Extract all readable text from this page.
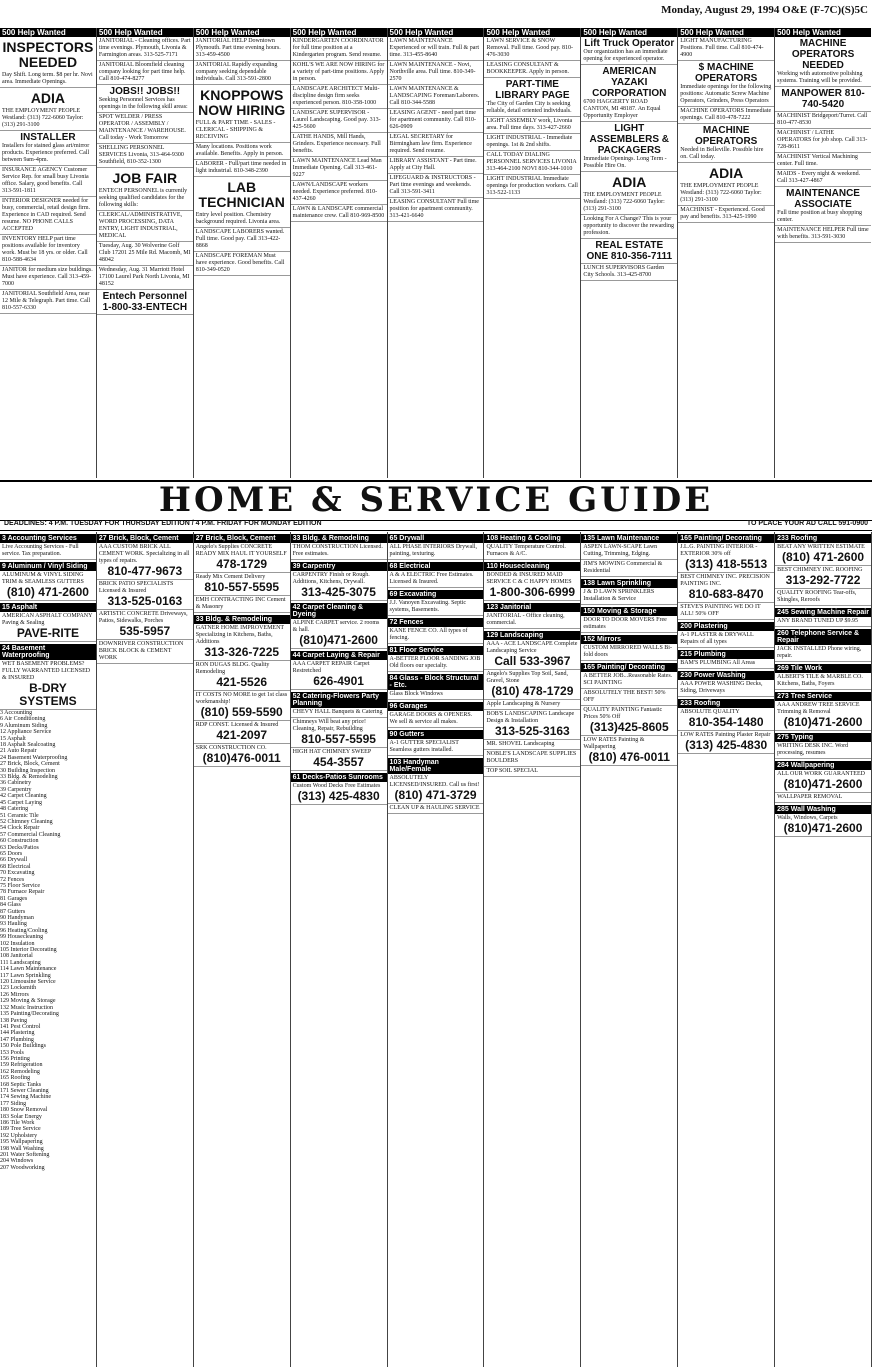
Monday, August 29, 1994 O&E (F-7C)(S)5C
500 Help Wanted
INSPECTORS NEEDED
Day Shift. Long term. $8 per hr. Novi area. Immediate Openings.
ADIA
THE EMPLOYMENT PEOPLE Westland: (313) 722-6060 Taylor: (313) 291-3100
INSTALLER
Installers for stained glass art/mirror products. Experience preferred. Call between 9am-4pm.
INSURANCE AGENCY Customer Service Rep. for small busy Livonia office. Salary, good benefits. Call 313-591-1811
INTERIOR DESIGNER needed for busy, commercial, retail design firm. Experience in CAD required. Send resume. NO PHONE CALLS ACCEPTED
INVENTORY HELP part time positions available for inventory work. Must be 18 yrs. or older. Call 810-588-4634
JANITOR for medium size buildings. Must have experience. Call 313-459-7000
JANITORIAL Southfield Area, near 12 Mile & Telegraph. Part time. Call 810-557-6330
500 Help Wanted
JANITORIAL - Cleaning offices. Part time evenings. Plymouth, Livonia & Farmington areas. 313-525-7171
JANITORIAL Bloomfield cleaning company looking for part time help. Call 810-474-8277
JOBS!! JOBS!!
Seeking Personnel Services has openings in the following skill areas:
SPOT WELDER / PRESS OPERATOR / ASSEMBLY / MAINTENANCE / WAREHOUSE. Call today - Work Tomorrow
SHELLING PERSONNEL SERVICES Livonia, 313-464-9300 Southfield, 810-352-1300
JOB FAIR
ENTECH PERSONNEL is currently seeking qualified candidates for the following skills:
CLERICAL/ADMINISTRATIVE, WORD PROCESSING, DATA ENTRY, LIGHT INDUSTRIAL, MEDICAL
Tuesday, Aug. 30 Wolverine Golf Club 17201 25 Mile Rd. Macomb, MI 48042
Wednesday, Aug. 31 Marriott Hotel 17100 Laurel Park North Livonia, MI 48152
Entech Personnel 1-800-33-ENTECH
500 Help Wanted
JANITORIAL HELP Downtown Plymouth. Part time evening hours. 313-459-4500
JANITORIAL Rapidly expanding company seeking dependable individuals. Call 313-591-2800
KNOPPOWS NOW HIRING
FULL & PART TIME - SALES - CLERICAL - SHIPPING & RECEIVING
Many locations. Positions work available. Benefits. Apply in person.
LABORER - Full/part time needed in light industrial. 810-348-2390
LAB TECHNICIAN
Entry level position. Chemistry background required. Livonia area.
LANDSCAPE LABORERS wanted. Full time. Good pay. Call 313-422-8868
LANDSCAPE FOREMAN Must have experience. Good benefits. Call 810-349-0520
500 Help Wanted
KINDERGARTEN COORDINATOR for full time position at a Kindergarten program. Send resume.
KOHL'S WE ARE NOW HIRING for a variety of part-time positions. Apply in person.
LANDSCAPE ARCHITECT Multi-discipline design firm seeks experienced person. 810-358-1000
LANDSCAPE SUPERVISOR - Laurel Landscaping. Good pay. 313-425-5600
LATHE HANDS, Mill Hands, Grinders. Experience necessary. Full benefits.
LAWN MAINTENANCE Lead Man Immediate Opening. Call 313-461-9227
LAWN/LANDSCAPE workers needed. Experience preferred. 810-437-4260
LAWN & LANDSCAPE commercial maintenance crew. Call 810-969-8500
500 Help Wanted
LAWN MAINTENANCE Experienced or will train. Full & part time. 313-455-8640
LAWN MAINTENANCE - Novi, Northville area. Full time. 810-349-2570
LAWN MAINTENANCE & LANDSCAPING Foreman/Laborers. Call 810-344-5588
LEASING AGENT - need part time for apartment community. Call 810-626-0909
LEGAL SECRETARY for Birmingham law firm. Experience required. Send resume.
LIBRARY ASSISTANT - Part time. Apply at City Hall.
LIFEGUARD & INSTRUCTORS - Part time evenings and weekends. Call 313-591-3411
LEASING CONSULTANT Full time position for apartment community. 313-421-6640
500 Help Wanted
LAWN SERVICE & SNOW Removal. Full time. Good pay. 810-476-3030
LEASING CONSULTANT & BOOKKEEPER. Apply in person.
PART-TIME LIBRARY PAGE
The City of Garden City is seeking reliable, detail oriented individuals.
LIGHT ASSEMBLY work, Livonia area. Full time days. 313-427-2660
LIGHT INDUSTRIAL - Immediate openings. 1st & 2nd shifts.
CALL TODAY DIALING PERSONNEL SERVICES LIVONIA 313-464-2100 NOVI 810-344-1010
LIGHT INDUSTRIAL Immediate openings for production workers. Call 313-522-1133
500 Help Wanted
Lift Truck Operator
Our organization has an immediate opening for experienced operator.
AMERICAN YAZAKI CORPORATION
6700 HAGGERTY ROAD CANTON, MI 48187. An Equal Opportunity Employer
LIGHT ASSEMBLERS & PACKAGERS
Immediate Openings. Long Term - Possible Hire On.
ADIA
THE EMPLOYMENT PEOPLE Westland: (313) 722-6060 Taylor: (313) 291-3100
Looking For A Change? This is your opportunity to discover the rewarding profession.
REAL ESTATE ONE 810-356-7111
LUNCH SUPERVISORS Garden City Schools. 313-425-8700
500 Help Wanted
LIGHT MANUFACTURING Positions. Full time. Call 810-474-4900
$ MACHINE OPERATORS
Immediate openings for the following positions: Automatic Screw Machine Operators, Grinders, Press Operators
MACHINE OPERATORS Immediate openings. Call 810-478-7222
MACHINE OPERATORS
Needed in Belleville. Possible hire on. Call today.
ADIA
THE EMPLOYMENT PEOPLE Westland: (313) 722-6060 Taylor: (313) 291-3100
MACHINIST - Experienced. Good pay and benefits. 313-425-1990
500 Help Wanted
MACHINE OPERATORS NEEDED
Working with automotive polishing systems. Training will be provided.
MANPOWER 810-740-5420
MACHINIST Bridgeport/Turret. Call 810-477-8530
MACHINIST / LATHE OPERATORS for job shop. Call 313-728-8611
MACHINIST Vertical Machining center. Full time.
MAIDS - Every night & weekend. Call 313-427-4867
MAINTENANCE ASSOCIATE
Full time position at busy shopping center.
MAINTENANCE HELPER Full time with benefits. 313-591-3030
HOME & SERVICE GUIDE
DEADLINES: 4 P.M. TUESDAY FOR THURSDAY EDITION / 4 P.M. FRIDAY FOR MONDAY EDITION	TO PLACE YOUR AD CALL 591-0900
3 Accounting Services
Live Accounting Services - Full service. Tax preparation.
9 Aluminum / Vinyl Siding
ALUMINUM & VINYL SIDING TRIM & SEAMLESS GUTTERS
(810) 471-2600
15 Asphalt
AMERICAN ASPHALT COMPANY Paving & Sealing
PAVE-RITE
24 Basement Waterproofing
WET BASEMENT PROBLEMS? FULLY WARRANTED LICENSED & INSURED
B-DRY SYSTEMS
3 Accounting
6 Air Conditioning
9 Aluminum Siding
12 Appliance Service
15 Asphalt
18 Asphalt Sealcoating
21 Auto Repair
24 Basement Waterproofing
27 Brick, Block, Cement
30 Building Inspection
33 Bldg. & Remodeling
36 Cabinetry
39 Carpentry
42 Carpet Cleaning
45 Carpet Laying
48 Catering
51 Ceramic Tile
52 Chimney Cleaning
54 Clock Repair
57 Commercial Cleaning
60 Construction
63 Decks/Patios
65 Doors
66 Drywall
68 Electrical
70 Excavating
72 Fences
75 Floor Service
78 Furnace Repair
81 Garages
84 Glass
87 Gutters
90 Handyman
93 Hauling
96 Heating/Cooling
99 Housecleaning
102 Insulation
105 Interior Decorating
108 Janitorial
111 Landscaping
114 Lawn Maintenance
117 Lawn Sprinkling
120 Limousine Service
123 Locksmith
126 Mirrors
129 Moving & Storage
132 Music Instruction
135 Painting/Decorating
138 Paving
141 Pest Control
144 Plastering
147 Plumbing
150 Pole Buildings
153 Pools
156 Printing
159 Refrigeration
162 Remodeling
165 Roofing
168 Septic Tanks
171 Sewer Cleaning
174 Sewing Machine
177 Siding
180 Snow Removal
183 Solar Energy
186 Tile Work
189 Tree Service
192 Upholstery
195 Wallpapering
198 Wall Washing
201 Water Softening
204 Windows
207 Woodworking
27 Brick, Block, Cement
AAA CUSTOM BRICK ALL CEMENT WORK. Specializing in all types of repairs.
810-477-9673
BRICK PATIO SPECIALISTS Licensed & Insured
313-525-0163
ARTISTIC CONCRETE Driveways, Patios, Sidewalks, Porches
535-5957
DOWNRIVER CONSTRUCTION BRICK BLOCK & CEMENT WORK
27 Brick, Block, Cement
Angelo's Supplies CONCRETE READY MIX HAUL IT YOURSELF
478-1729
Ready Mix Cement Delivery
810-557-5595
EMH CONTRACTING INC Cement & Masonry
33 Bldg. & Remodeling
GATNER HOME IMPROVEMENT Specializing in Kitchens, Baths, Additions
313-326-7225
RON DUGAS BLDG. Quality Remodeling
421-5526
IT COSTS NO MORE to get 1st class workmanship!
(810) 559-5590
RDP CONST. Licensed & Insured
421-2097
SRK CONSTRUCTION CO.
(810)476-0011
33 Bldg. & Remodeling
THOM CONSTRUCTION Licensed. Free estimates.
39 Carpentry
CARPENTRY Finish or Rough. Additions, Kitchens, Drywall.
313-425-3075
42 Carpet Cleaning & Dyeing
ALPINE CARPET service. 2 rooms & hall.
(810)471-2600
44 Carpet Laying & Repair
AAA CARPET REPAIR Carpet Restretched
626-4901
52 Catering-Flowers Party Planning
CHEVY HALL Banquets & Catering
Chimneys Will beat any price! Cleaning, Repair, Rebuilding
810-557-5595
HIGH HAT CHIMNEY SWEEP
454-3557
61 Decks-Patios Sunrooms
Custom Wood Decks Free Estimates
(313) 425-4830
65 Drywall
ALL PHASE INTERIORS Drywall, painting, texturing.
68 Electrical
A & A ELECTRIC Free Estimates. Licensed & Insured.
69 Excavating
J.J. Vanoyen Excavating. Septic systems, Basements.
72 Fences
KANE FENCE CO. All types of fencing.
81 Floor Service
A-BETTER FLOOR SANDING JOB Old floors our specialty.
84 Glass - Block Structural - Etc.
Glass Block Windows
96 Garages
GARAGE DOORS & OPENERS. We sell & service all makes.
90 Gutters
A-1 GUTTER SPECIALIST Seamless gutters installed.
103 Handyman Male/Female
ABSOLUTELY LICENSED/INSURED. Call us first!
(810) 471-3729
CLEAN UP & HAULING SERVICE
108 Heating & Cooling
QUALITY Temperature Control. Furnaces & A/C.
110 Housecleaning
BONDED & INSURED MAID SERVICE C & C HAPPY HOMES
1-800-306-6999
123 Janitorial
JANITORIAL - Office cleaning, commercial.
129 Landscaping
AAA - ACE LANDSCAPE Complete Landscaping Service
Call 533-3967
Angelo's Supplies Top Soil, Sand, Gravel, Stone
(810) 478-1729
Apple Landscaping & Nursery
BOB'S LANDSCAPING Landscape Design & Installation
313-525-3163
MR. SHOVEL Landscaping
NOBLE'S LANDSCAPE SUPPLIES BOULDERS
TOP SOIL SPECIAL
135 Lawn Maintenance
ASPEN LAWN-SCAPE Lawn Cutting, Trimming, Edging.
JIM'S MOWING Commercial & Residential
138 Lawn Sprinkling
J & D LAWN SPRINKLERS Installation & Service
150 Moving & Storage
DOOR TO DOOR MOVERS Free estimates
152 Mirrors
CUSTOM MIRRORED WALLS Bi-fold doors
165 Painting/ Decorating
A BETTER JOB...Reasonable Rates. SCI PAINTING
ABSOLUTELY THE BEST! 50% OFF
QUALITY PAINTING Fantastic Prices 50% Off
(313)425-8605
LOW RATES Painting & Wallpapering
(810) 476-0011
165 Painting/ Decorating
J.L.G. PAINTING INTERIOR - EXTERIOR 30% off
(313) 418-5513
BEST CHIMNEY INC. PRECISION PAINTING INC.
810-683-8470
STEVE'S PAINTING WE DO IT ALL! 50% OFF
200 Plastering
A-1 PLASTER & DRYWALL Repairs of all types
215 Plumbing
BAM'S PLUMBING All Areas
230 Power Washing
AAA POWER WASHING Decks, Siding, Driveways
233 Roofing
ABSOLUTE QUALITY
810-354-1480
LOW RATES Painting Plaster Repair
(313) 425-4830
233 Roofing
BEAT ANY WRITTEN ESTIMATE
(810) 471-2600
BEST CHIMNEY INC. ROOFING
313-292-7722
QUALITY ROOFING Tear-offs, Shingles, Reroofs
245 Sewing Machine Repair
ANY BRAND TUNED UP $9.95
260 Telephone Service & Repair
JACK INSTALLED Phone wiring, repair.
269 Tile Work
ALBERT'S TILE & MARBLE CO. Kitchens, Baths, Foyers
273 Tree Service
AAA ANDREW TREE SERVICE Trimming & Removal
(810)471-2600
275 Typing
WRITING DESK INC. Word processing, resumes
284 Wallpapering
ALL OUR WORK GUARANTEED
(810)471-2600
WALLPAPER REMOVAL
285 Wall Washing
Walls, Windows, Carpets
(810)471-2600
